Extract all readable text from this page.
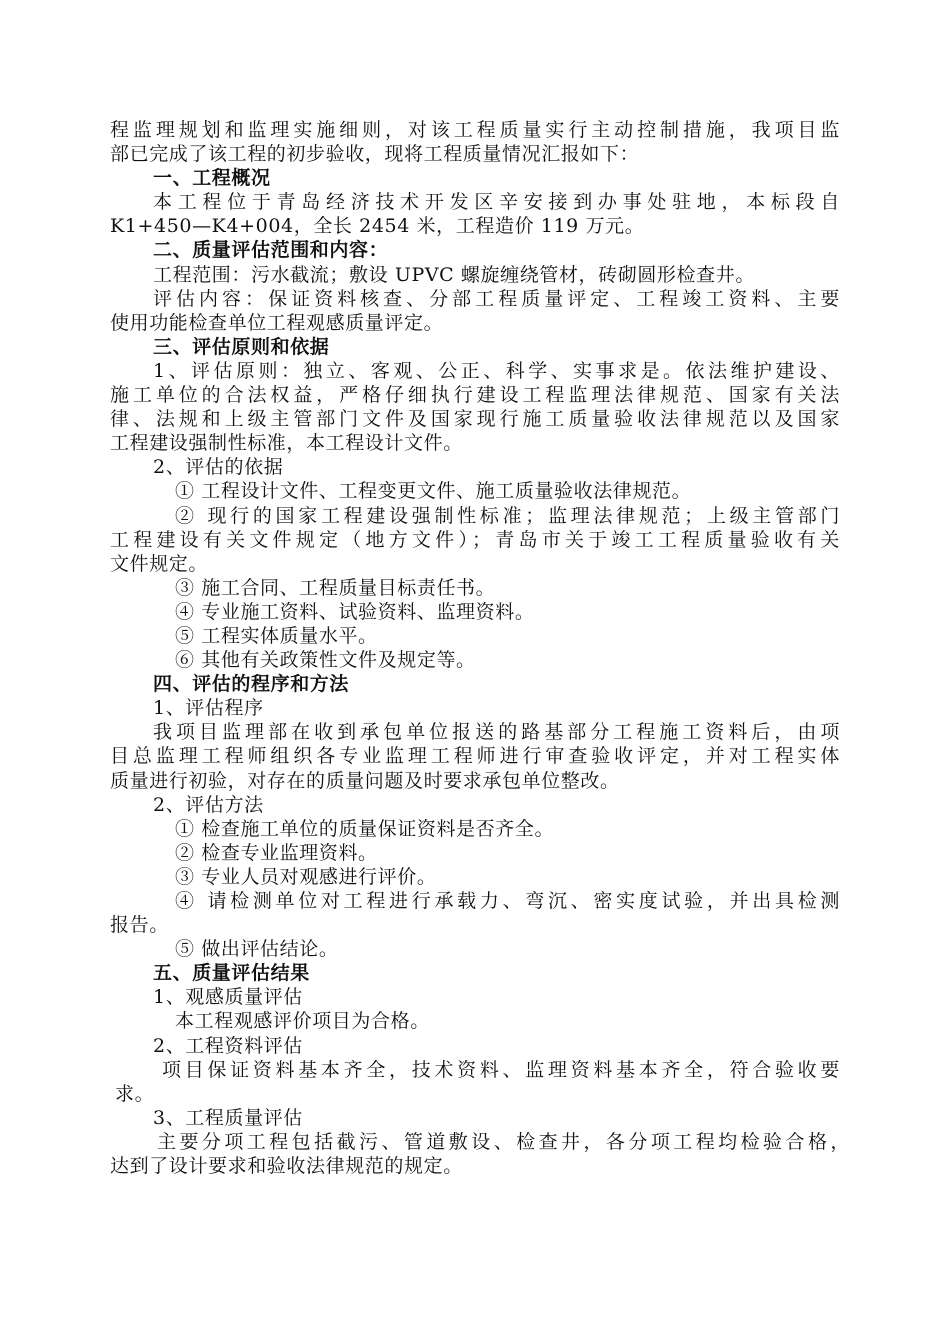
程监理规划和监理实施细则，对该工程质量实行主动控制措施，我项目监
部已完成了该工程的初步验收，现将工程质量情况汇报如下：
一、工程概况
本工程位于青岛经济技术开发区辛安接到办事处驻地，本标段自
K1+450—K4+004，全长 2454 米，工程造价 119 万元。
二、质量评估范围和内容：
工程范围：污水截流；敷设 UPVC 螺旋缠绕管材，砖砌圆形检查井。
评估内容：保证资料核查、分部工程质量评定、工程竣工资料、主要
使用功能检查单位工程观感质量评定。
三、评估原则和依据
1、评估原则：独立、客观、公正、科学、实事求是。依法维护建设、
施工单位的合法权益，严格仔细执行建设工程监理法律规范、国家有关法
律、法规和上级主管部门文件及国家现行施工质量验收法律规范以及国家
工程建设强制性标准，本工程设计文件。
2、评估的依据
① 工程设计文件、工程变更文件、施工质量验收法律规范。
② 现行的国家工程建设强制性标准；监理法律规范；上级主管部门
工程建设有关文件规定（地方文件）；青岛市关于竣工工程质量验收有关
文件规定。
③ 施工合同、工程质量目标责任书。
④ 专业施工资料、试验资料、监理资料。
⑤ 工程实体质量水平。
⑥ 其他有关政策性文件及规定等。
四、评估的程序和方法
1、评估程序
我项目监理部在收到承包单位报送的路基部分工程施工资料后，由项
目总监理工程师组织各专业监理工程师进行审查验收评定，并对工程实体
质量进行初验，对存在的质量问题及时要求承包单位整改。
2、评估方法
① 检查施工单位的质量保证资料是否齐全。
② 检查专业监理资料。
③ 专业人员对观感进行评价。
④ 请检测单位对工程进行承载力、弯沉、密实度试验，并出具检测
报告。
⑤ 做出评估结论。
五、质量评估结果
1、观感质量评估
本工程观感评价项目为合格。
2、工程资料评估
项目保证资料基本齐全，技术资料、监理资料基本齐全，符合验收要
求。
3、工程质量评估
主要分项工程包括截污、管道敷设、检查井，各分项工程均检验合格，
达到了设计要求和验收法律规范的规定。
